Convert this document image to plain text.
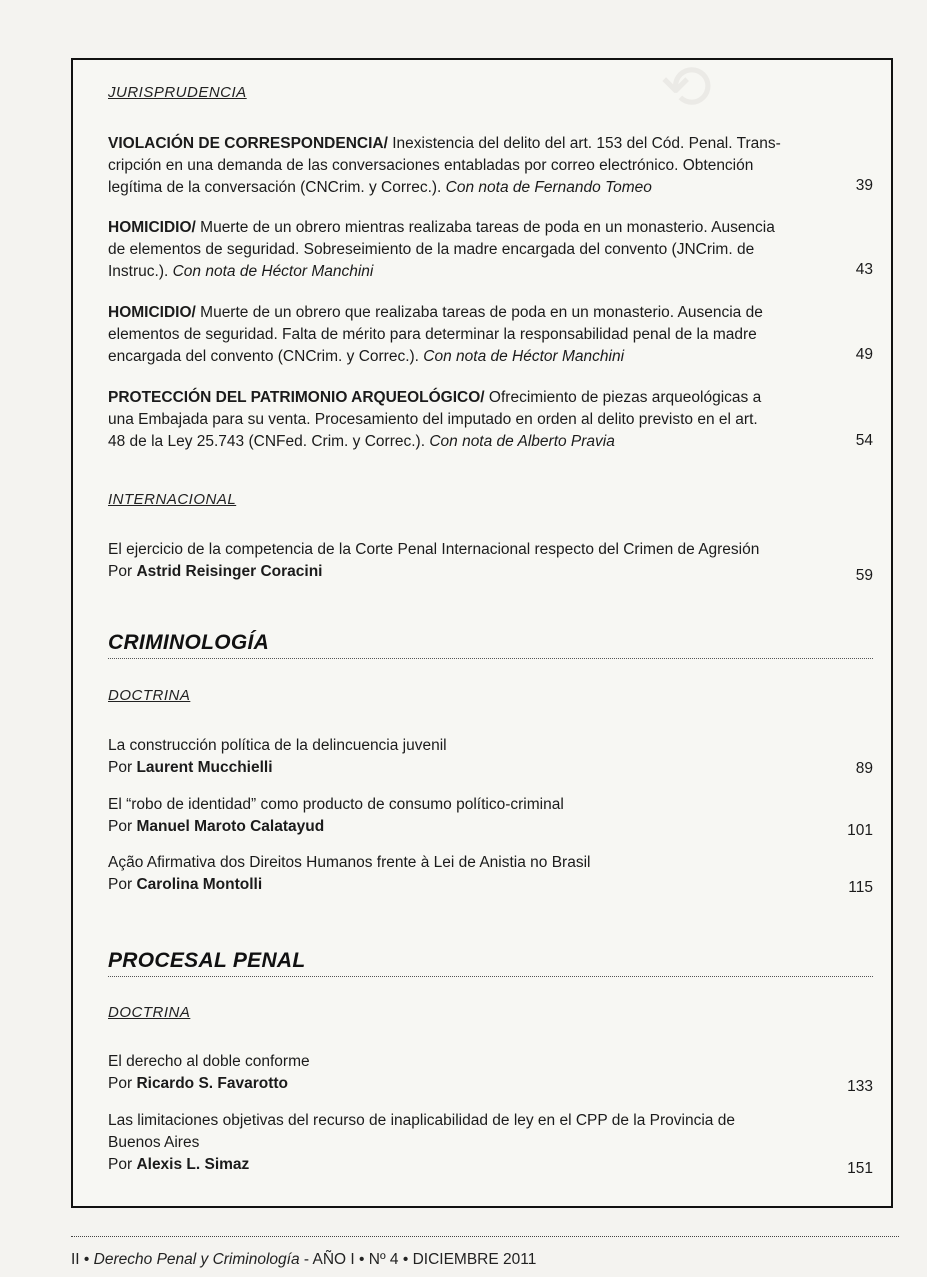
JURISPRUDENCIA
VIOLACIÓN DE CORRESPONDENCIA/ Inexistencia del delito del art. 153 del Cód. Penal. Trans-
cripción en una demanda de las conversaciones entabladas por correo electrónico. Obtención
legítima de la conversación (CNCrim. y Correc.). Con nota de Fernando Tomeo	39
HOMICIDIO/ Muerte de un obrero mientras realizaba tareas de poda en un monasterio. Ausencia
de elementos de seguridad. Sobreseimiento de la madre encargada del convento (JNCrim. de
Instruc.). Con nota de Héctor Manchini	43
HOMICIDIO/ Muerte de un obrero que realizaba tareas de poda en un monasterio. Ausencia de
elementos de seguridad. Falta de mérito para determinar la responsabilidad penal de la madre
encargada del convento (CNCrim. y Correc.). Con nota de Héctor Manchini	49
PROTECCIÓN DEL PATRIMONIO ARQUEOLÓGICO/ Ofrecimiento de piezas arqueológicas a
una Embajada para su venta. Procesamiento del imputado en orden al delito previsto en el art.
48 de la Ley 25.743 (CNFed. Crim. y Correc.). Con nota de Alberto Pravia	54
INTERNACIONAL
El ejercicio de la competencia de la Corte Penal Internacional respecto del Crimen de Agresión
Por Astrid Reisinger Coracini	59
CRIMINOLOGÍA
DOCTRINA
La construcción política de la delincuencia juvenil
Por Laurent Mucchielli	89
El “robo de identidad” como producto de consumo político-criminal
Por Manuel Maroto Calatayud	101
Ação Afirmativa dos Direitos Humanos frente à Lei de Anistia no Brasil
Por Carolina Montolli	115
PROCESAL PENAL
DOCTRINA
El derecho al doble conforme
Por Ricardo S. Favarotto	133
Las limitaciones objetivas del recurso de inaplicabilidad de ley en el CPP de la Provincia de
Buenos Aires
Por Alexis L. Simaz	151
II • Derecho Penal y Criminología - AÑO I • Nº 4 • DICIEMBRE 2011
